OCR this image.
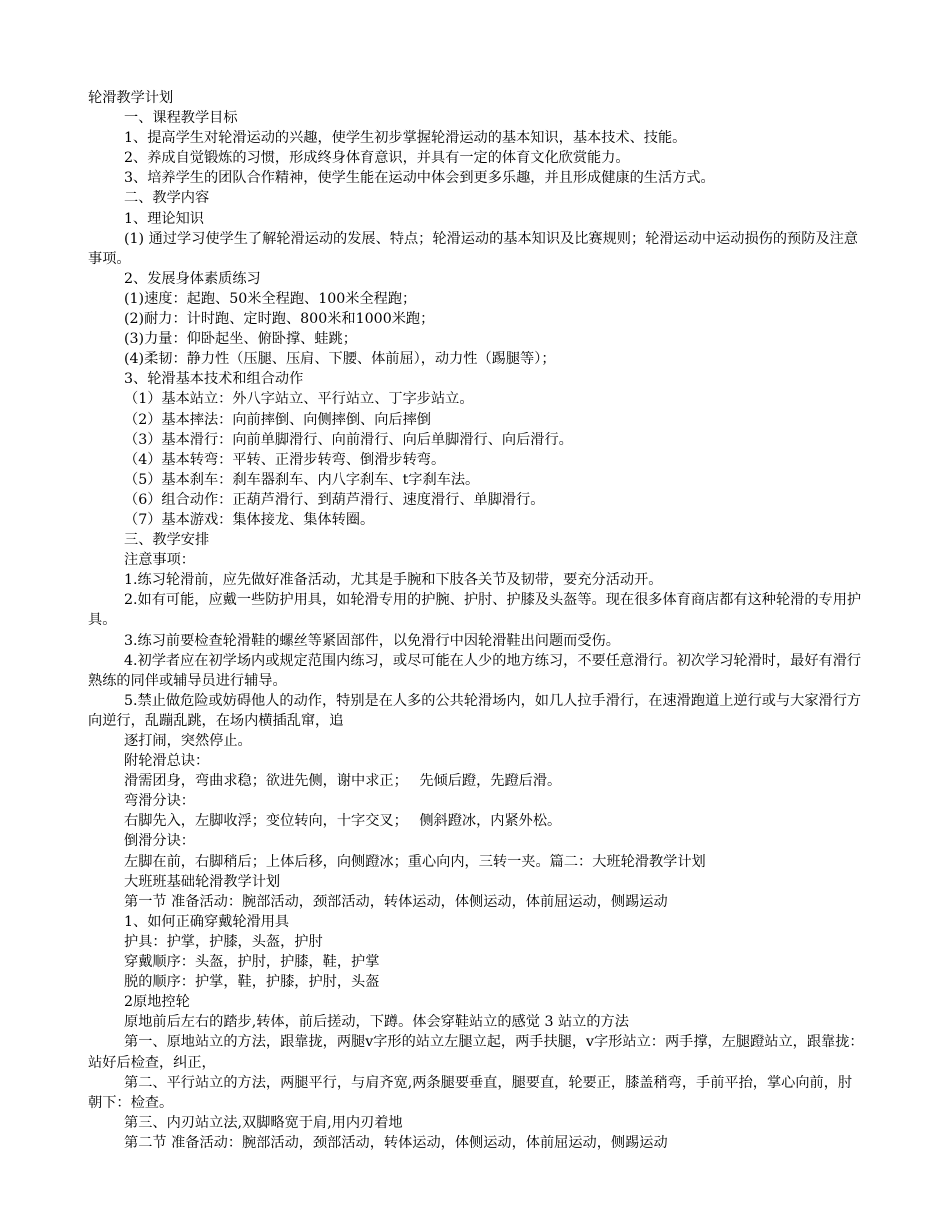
轮滑教学计划

一、课程教学目标

1、提高学生对轮滑运动的兴趣，使学生初步掌握轮滑运动的基本知识，基本技术、技能。

2、养成自觉锻炼的习惯，形成终身体育意识，并具有一定的体育文化欣赏能力。

3、培养学生的团队合作精神，使学生能在运动中体会到更多乐趣，并且形成健康的生活方式。

二、教学内容

1、理论知识

(1) 通过学习使学生了解轮滑运动的发展、特点；轮滑运动的基本知识及比赛规则；轮滑运动中运动损伤的预防及注意事项。

2、发展身体素质练习

(1)速度：起跑、50米全程跑、100米全程跑；

(2)耐力：计时跑、定时跑、800米和1000米跑；

(3)力量：仰卧起坐、俯卧撑、蛙跳；

(4)柔韧：静力性（压腿、压肩、下腰、体前屈），动力性（踢腿等）；

3、轮滑基本技术和组合动作

（1）基本站立：外八字站立、平行站立、丁字步站立。

（2）基本摔法：向前摔倒、向侧摔倒、向后摔倒

（3）基本滑行：向前单脚滑行、向前滑行、向后单脚滑行、向后滑行。

（4）基本转弯：平转、正滑步转弯、倒滑步转弯。

（5）基本刹车：刹车器刹车、内八字刹车、t字刹车法。

（6）组合动作：正葫芦滑行、到葫芦滑行、速度滑行、单脚滑行。

（7）基本游戏：集体接龙、集体转圈。

三、教学安排

注意事项：

1.练习轮滑前，应先做好准备活动，尤其是手腕和下肢各关节及韧带，要充分活动开。

2.如有可能，应戴一些防护用具，如轮滑专用的护腕、护肘、护膝及头盔等。现在很多体育商店都有这种轮滑的专用护具。

3.练习前要检查轮滑鞋的螺丝等紧固部件，以免滑行中因轮滑鞋出问题而受伤。

4.初学者应在初学场内或规定范围内练习，或尽可能在人少的地方练习，不要任意滑行。初次学习轮滑时，最好有滑行熟练的同伴或辅导员进行辅导。

5.禁止做危险或妨碍他人的动作，特别是在人多的公共轮滑场内，如几人拉手滑行，在速滑跑道上逆行或与大家滑行方向逆行，乱蹦乱跳，在场内横插乱窜，追

逐打闹，突然停止。

附轮滑总诀：

滑需团身，弯曲求稳；欲进先侧，谢中求正；　 先倾后蹬，先蹬后滑。

弯滑分诀：

右脚先入，左脚收浮；变位转向，十字交叉；　 侧斜蹬冰，内紧外松。

倒滑分诀：

左脚在前，右脚稍后；上体后移，向侧蹬冰；重心向内，三转一夹。篇二：大班轮滑教学计划

大班班基础轮滑教学计划

第一节 准备活动：腕部活动，颈部活动，转体运动，体侧运动，体前屈运动，侧踢运动

1、如何正确穿戴轮滑用具

护具：护掌，护膝，头盔，护肘

穿戴顺序：头盔，护肘，护膝，鞋，护掌

脱的顺序：护掌，鞋，护膝，护肘，头盔

2原地控轮

原地前后左右的踏步,转体，前后搓动，下蹲。体会穿鞋站立的感觉 3 站立的方法

第一、原地站立的方法，跟靠拢，两腿v字形的站立左腿立起，两手扶腿，v字形站立：两手撑，左腿蹬站立，跟靠拢：站好后检查，纠正，

第二、平行站立的方法，两腿平行，与肩齐宽,两条腿要垂直，腿要直，轮要正，膝盖稍弯，手前平抬，掌心向前，肘朝下：检查。

第三、内刃站立法,双脚略宽于肩,用内刃着地

第二节 准备活动：腕部活动，颈部活动，转体运动，体侧运动，体前屈运动，侧踢运动
